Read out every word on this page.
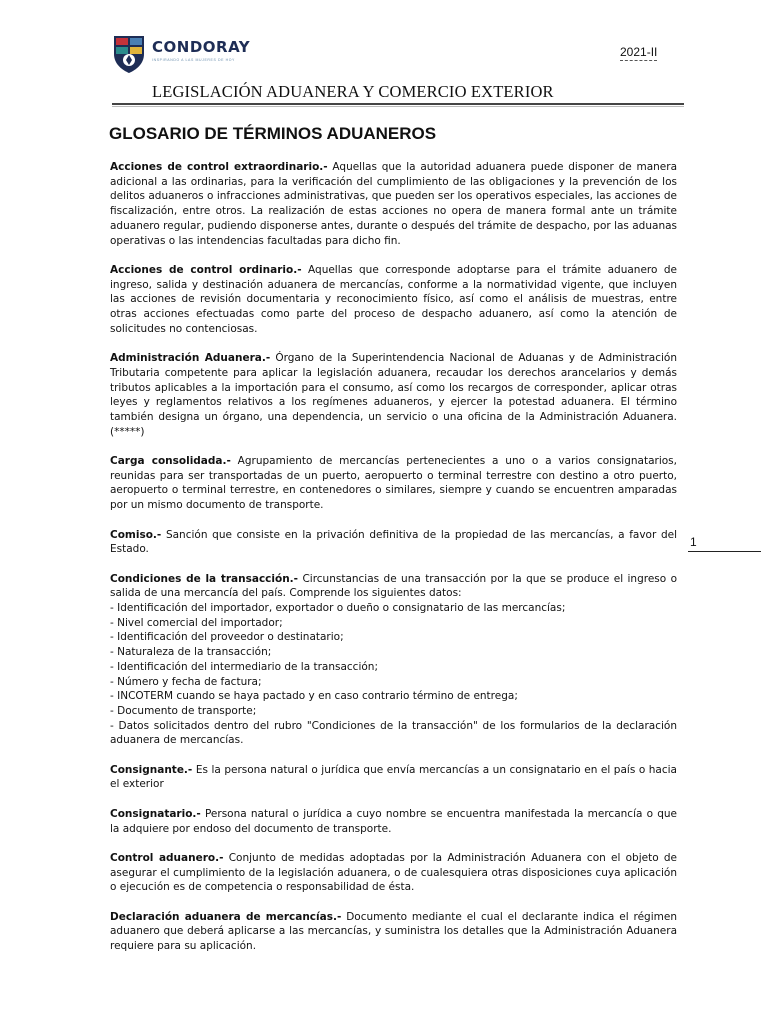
CONDORAY
INSPIRANDO A LAS MUJERES DE HOY
2021-II
LEGISLACIÓN ADUANERA Y COMERCIO EXTERIOR
GLOSARIO DE TÉRMINOS ADUANEROS
1

Acciones de control extraordinario.- Aquellas que la autoridad aduanera puede disponer de manera adicional a las ordinarias, para la verificación del cumplimiento de las obligaciones y la prevención de los delitos aduaneros o infracciones administrativas, que pueden ser los operativos especiales, las acciones de fiscalización, entre otros. La realización de estas acciones no opera de manera formal ante un trámite aduanero regular, pudiendo disponerse antes, durante o después del trámite de despacho, por las aduanas operativas o las intendencias facultadas para dicho fin.

Acciones de control ordinario.- Aquellas que corresponde adoptarse para el trámite aduanero de ingreso, salida y destinación aduanera de mercancías, conforme a la normatividad vigente, que incluyen las acciones de revisión documentaria y reconocimiento físico, así como el análisis de muestras, entre otras acciones efectuadas como parte del proceso de despacho aduanero, así como la atención de solicitudes no contenciosas.

Administración Aduanera.- Órgano de la Superintendencia Nacional de Aduanas y de Administración Tributaria competente para aplicar la legislación aduanera, recaudar los derechos arancelarios y demás tributos aplicables a la importación para el consumo, así como los recargos de corresponder, aplicar otras leyes y reglamentos relativos a los regímenes aduaneros, y ejercer la potestad aduanera. El término también designa un órgano, una dependencia, un servicio o una oficina de la Administración Aduanera. (*****)

Carga consolidada.- Agrupamiento de mercancías pertenecientes a uno o a varios consignatarios, reunidas para ser transportadas de un puerto, aeropuerto o terminal terrestre con destino a otro puerto, aeropuerto o terminal terrestre, en contenedores o similares, siempre y cuando se encuentren amparadas por un mismo documento de transporte.

Comiso.- Sanción que consiste en la privación definitiva de la propiedad de las mercancías, a favor del Estado.

Condiciones de la transacción.- Circunstancias de una transacción por la que se produce el ingreso o salida de una mercancía del país. Comprende los siguientes datos:
- Identificación del importador, exportador o dueño o consignatario de las mercancías;
- Nivel comercial del importador;
- Identificación del proveedor o destinatario;
- Naturaleza de la transacción;
- Identificación del intermediario de la transacción;
- Número y fecha de factura;
- INCOTERM cuando se haya pactado y en caso contrario término de entrega;
- Documento de transporte;
- Datos solicitados dentro del rubro "Condiciones de la transacción" de los formularios de la declaración aduanera de mercancías.

Consignante.- Es la persona natural o jurídica que envía mercancías a un consignatario en el país o hacia el exterior

Consignatario.- Persona natural o jurídica a cuyo nombre se encuentra manifestada la mercancía o que la adquiere por endoso del documento de transporte.

Control aduanero.- Conjunto de medidas adoptadas por la Administración Aduanera con el objeto de asegurar el cumplimiento de la legislación aduanera, o de cualesquiera otras disposiciones cuya aplicación o ejecución es de competencia o responsabilidad de ésta.

Declaración aduanera de mercancías.- Documento mediante el cual el declarante indica el régimen aduanero que deberá aplicarse a las mercancías, y suministra los detalles que la Administración Aduanera requiere para su aplicación.
